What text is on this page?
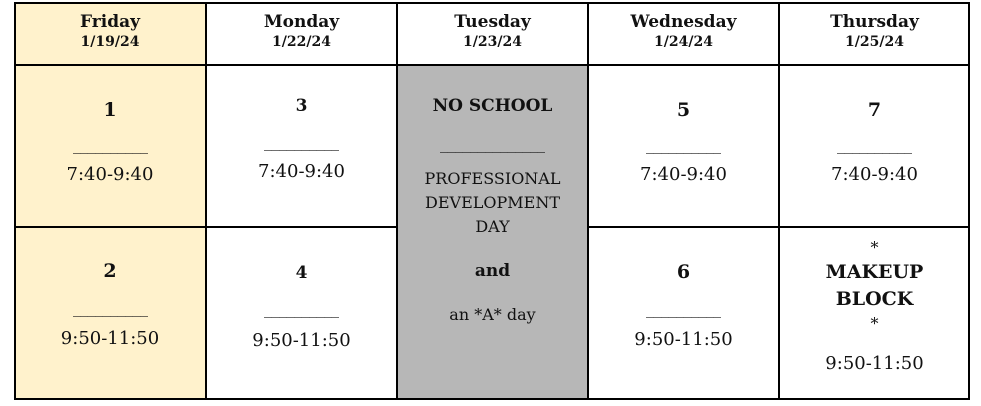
Friday
1/19/24
Monday
1/22/24
Tuesday
1/23/24
Wednesday
1/24/24
Thursday
1/25/24
1
__________
7:40-9:40
2
__________
9:50-11:50
3
__________
7:40-9:40
4
__________
9:50-11:50
NO SCHOOL
______________
PROFESSIONAL
DEVELOPMENT
DAY
and
an *A* day
5
__________
7:40-9:40
6
__________
9:50-11:50
7
__________
7:40-9:40
*
MAKEUP
BLOCK
*
9:50-11:50
